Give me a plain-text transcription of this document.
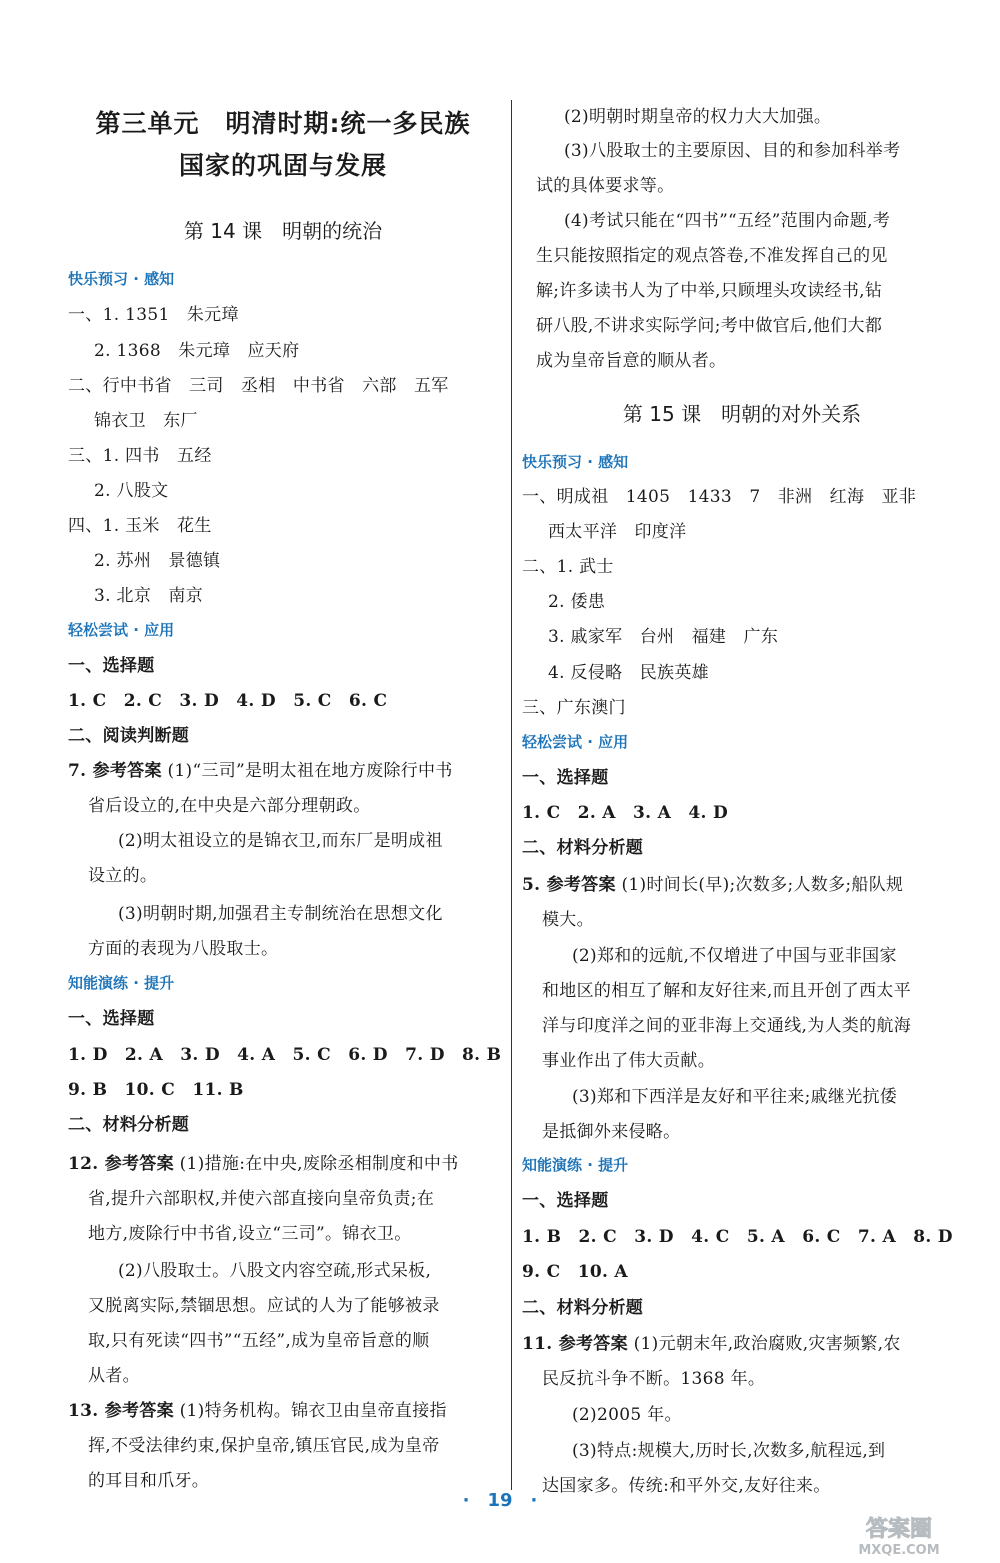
第三单元　明清时期:统一多民族
国家的巩固与发展
第 14 课　明朝的统治
快乐预习 · 感知
一、1. 1351　朱元璋
2. 1368　朱元璋　应天府
二、行中书省　三司　丞相　中书省　六部　五军
锦衣卫　东厂
三、1. 四书　五经
2. 八股文
四、1. 玉米　花生
2. 苏州　景德镇
3. 北京　南京
轻松尝试 · 应用
一、选择题
1. C　2. C　3. D　4. D　5. C　6. C
二、阅读判断题
7. 参考答案 (1)“三司”是明太祖在地方废除行中书
省后设立的,在中央是六部分理朝政。
(2)明太祖设立的是锦衣卫,而东厂是明成祖
设立的。
(3)明朝时期,加强君主专制统治在思想文化
方面的表现为八股取士。
知能演练 · 提升
一、选择题
1. D　2. A　3. D　4. A　5. C　6. D　7. D　8. B
9. B　10. C　11. B
二、材料分析题
12. 参考答案 (1)措施:在中央,废除丞相制度和中书
省,提升六部职权,并使六部直接向皇帝负责;在
地方,废除行中书省,设立“三司”。锦衣卫。
(2)八股取士。八股文内容空疏,形式呆板,
又脱离实际,禁锢思想。应试的人为了能够被录
取,只有死读“四书”“五经”,成为皇帝旨意的顺
从者。
13. 参考答案 (1)特务机构。锦衣卫由皇帝直接指
挥,不受法律约束,保护皇帝,镇压官民,成为皇帝
的耳目和爪牙。
(2)明朝时期皇帝的权力大大加强。
(3)八股取士的主要原因、目的和参加科举考
试的具体要求等。
(4)考试只能在“四书”“五经”范围内命题,考
生只能按照指定的观点答卷,不准发挥自己的见
解;许多读书人为了中举,只顾埋头攻读经书,钻
研八股,不讲求实际学问;考中做官后,他们大都
成为皇帝旨意的顺从者。
第 15 课　明朝的对外关系
快乐预习 · 感知
一、明成祖　1405　1433　7　非洲　红海　亚非
西太平洋　印度洋
二、1. 武士
2. 倭患
3. 戚家军　台州　福建　广东
4. 反侵略　民族英雄
三、广东澳门
轻松尝试 · 应用
一、选择题
1. C　2. A　3. A　4. D
二、材料分析题
5. 参考答案 (1)时间长(早);次数多;人数多;船队规
模大。
(2)郑和的远航,不仅增进了中国与亚非国家
和地区的相互了解和友好往来,而且开创了西太平
洋与印度洋之间的亚非海上交通线,为人类的航海
事业作出了伟大贡献。
(3)郑和下西洋是友好和平往来;戚继光抗倭
是抵御外来侵略。
知能演练 · 提升
一、选择题
1. B　2. C　3. D　4. C　5. A　6. C　7. A　8. D
9. C　10. A
二、材料分析题
11. 参考答案 (1)元朝末年,政治腐败,灾害频繁,农
民反抗斗争不断。1368 年。
(2)2005 年。
(3)特点:规模大,历时长,次数多,航程远,到
达国家多。传统:和平外交,友好往来。
·　19　·
答案圈
MXQE.COM
